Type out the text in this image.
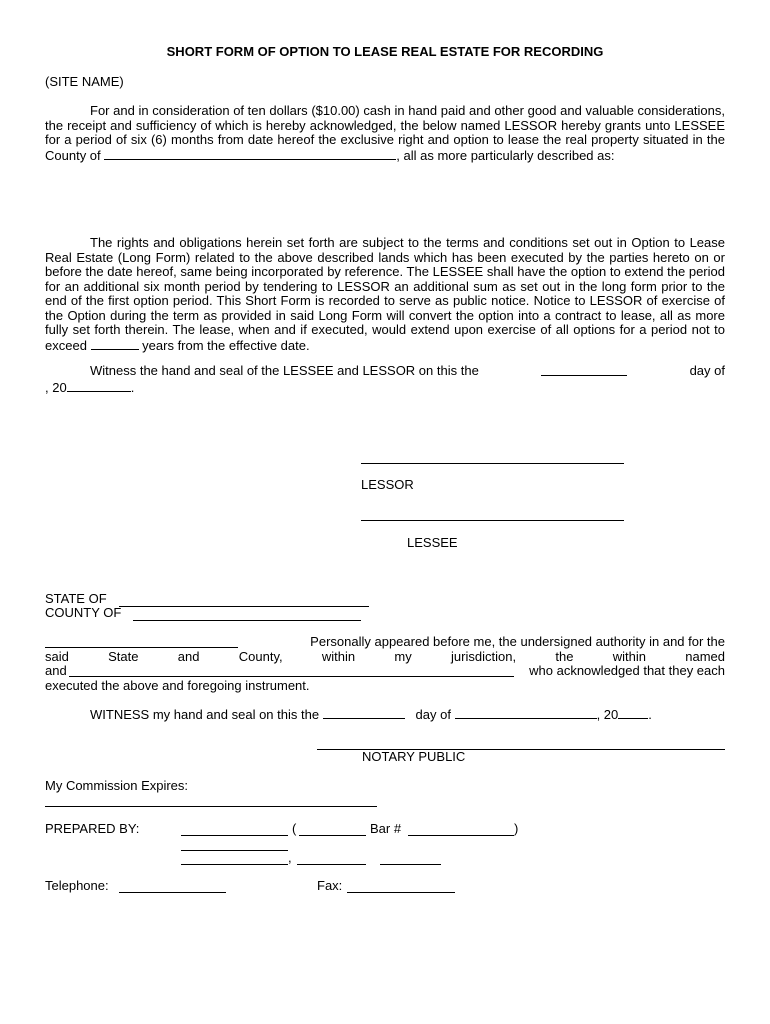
SHORT FORM OF OPTION TO LEASE REAL ESTATE FOR RECORDING
(SITE NAME)
For and in consideration of ten dollars ($10.00) cash in hand paid and other good and valuable considerations, the receipt and sufficiency of which is hereby acknowledged, the below named LESSOR hereby grants unto LESSEE for a period of six (6) months from date hereof the exclusive right and option to lease the real property situated in the County of	, all as more particularly described as:
The rights and obligations herein set forth are subject to the terms and conditions set out in Option to Lease Real Estate (Long Form) related to the above described lands which has been executed by the parties hereto on or before the date hereof, same being incorporated by reference. The LESSEE shall have the option to extend the period for an additional six month period by tendering to LESSOR an additional sum as set out in the long form prior to the end of the first option period. This Short Form is recorded to serve as public notice. Notice to LESSOR of exercise of the Option during the term as provided in said Long Form will convert the option into a contract to lease, all as more fully set forth therein. The lease, when and if executed, would extend upon exercise of all options for a period not to exceed	years from the effective date.
Witness the hand and seal of the LESSEE and LESSOR on this the	day of
, 20	.
LESSOR
LESSEE
STATE OF
COUNTY OF
Personally appeared before me, the undersigned authority in and for the
said	State	and	County,	within	my	jurisdiction,	the	within	named
and	who acknowledged that they each
executed the above and foregoing instrument.
WITNESS my hand and seal on this the	day of	, 20 .
NOTARY PUBLIC
My Commission Expires:
PREPARED BY:	(	Bar #	)
,
Telephone:	Fax:
